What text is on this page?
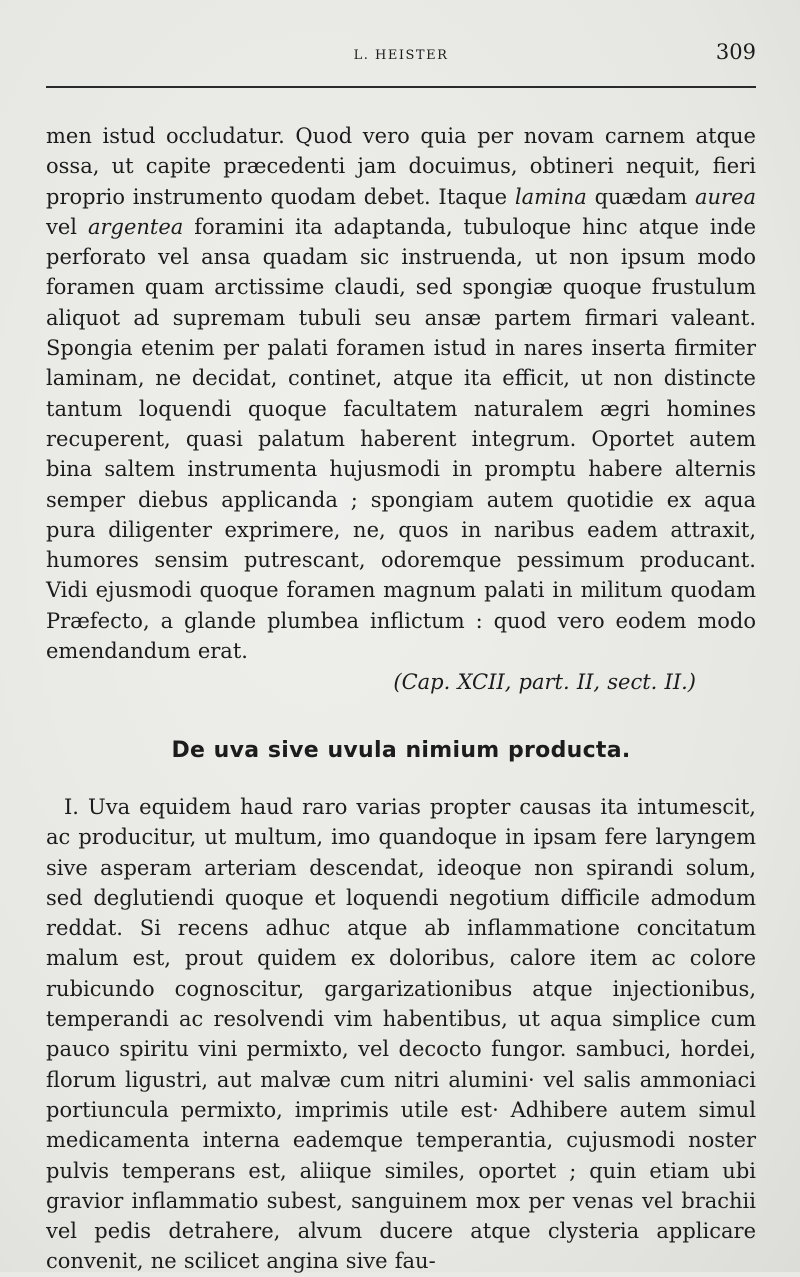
L. HEISTER	309

men istud occludatur. Quod vero quia per novam carnem atque ossa, ut capite præcedenti jam docuimus, obtineri nequit, fieri proprio instrumento quodam debet. Itaque lamina quædam aurea vel argentea foramini ita adaptanda, tubuloque hinc atque inde perforato vel ansa quadam sic instruenda, ut non ipsum modo foramen quam arctissime claudi, sed spongiæ quoque frustulum aliquot ad supremam tubuli seu ansæ partem firmari valeant. Spongia etenim per palati foramen istud in nares inserta firmiter laminam, ne decidat, continet, atque ita efficit, ut non distincte tantum loquendi quoque facultatem naturalem ægri homines recuperent, quasi palatum haberent integrum. Oportet autem bina saltem instrumenta hujusmodi in promptu habere alternis semper diebus applicanda ; spongiam autem quotidie ex aqua pura diligenter exprimere, ne, quos in naribus eadem attraxit, humores sensim putrescant, odoremque pessimum producant. Vidi ejusmodi quoque foramen magnum palati in militum quodam Præfecto, a glande plumbea inflictum : quod vero eodem modo emendandum erat.

(Cap. XCII, part. II, sect. II.)

De uva sive uvula nimium producta.

I. Uva equidem haud raro varias propter causas ita intumescit, ac producitur, ut multum, imo quandoque in ipsam fere laryngem sive asperam arteriam descendat, ideoque non spirandi solum, sed deglutiendi quoque et loquendi negotium difficile admodum reddat. Si recens adhuc atque ab inflammatione concitatum malum est, prout quidem ex doloribus, calore item ac colore rubicundo cognoscitur, gargarizationibus atque injectionibus, temperandi ac resolvendi vim habentibus, ut aqua simplice cum pauco spiritu vini permixto, vel decocto fungor. sambuci, hordei, florum ligustri, aut malvæ cum nitri alumini· vel salis ammoniaci portiuncula permixto, imprimis utile est· Adhibere autem simul medicamenta interna eademque temperantia, cujusmodi noster pulvis temperans est, aliique similes, oportet ; quin etiam ubi gravior inflammatio subest, sanguinem mox per venas vel brachii vel pedis detrahere, alvum ducere atque clysteria applicare convenit, ne scilicet angina sive fau-
